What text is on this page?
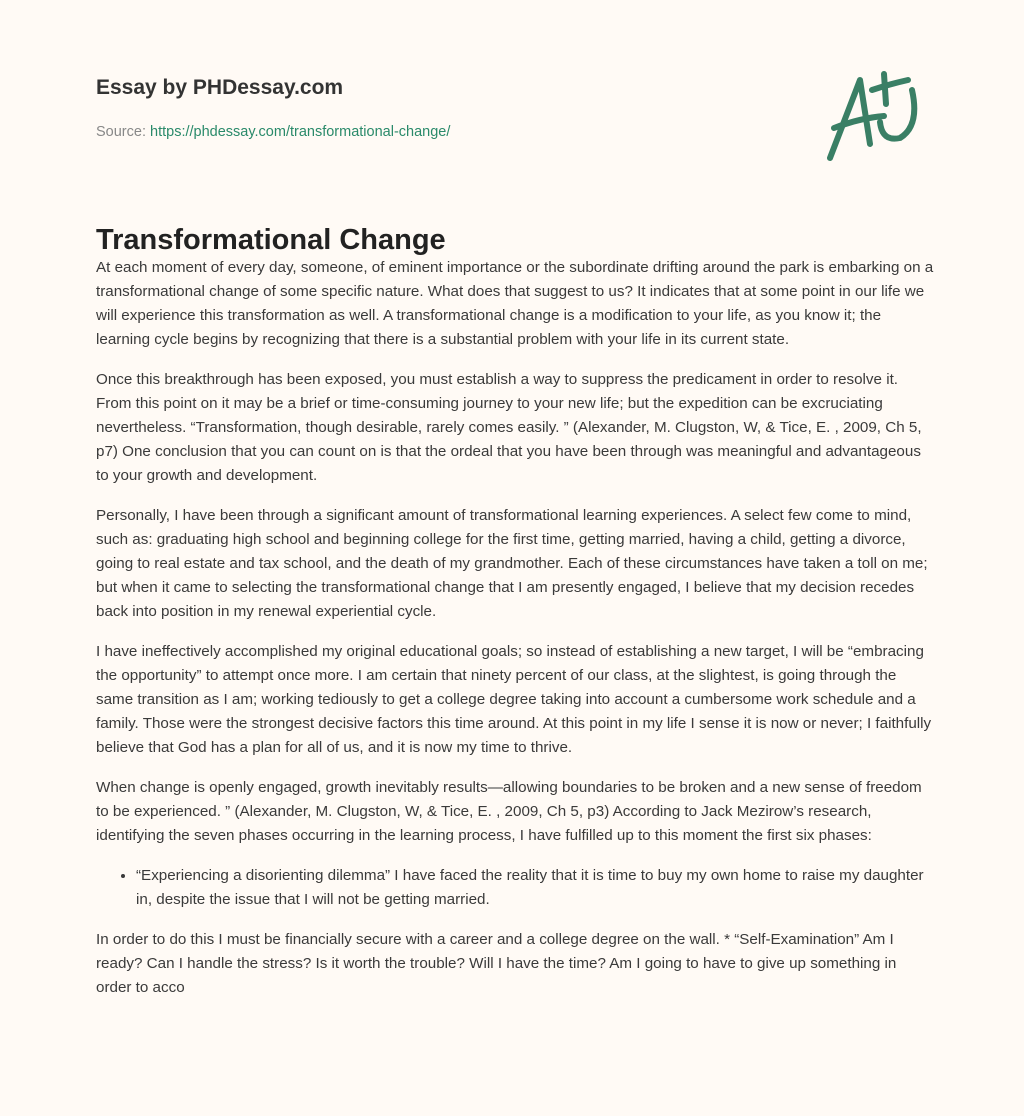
Essay by PHDessay.com
Source: https://phdessay.com/transformational-change/
Transformational Change

At each moment of every day, someone, of eminent importance or the subordinate drifting around the park is embarking on a transformational change of some specific nature. What does that suggest to us? It indicates that at some point in our life we will experience this transformation as well. A transformational change is a modification to your life, as you know it; the learning cycle begins by recognizing that there is a substantial problem with your life in its current state.

Once this breakthrough has been exposed, you must establish a way to suppress the predicament in order to resolve it. From this point on it may be a brief or time-consuming journey to your new life; but the expedition can be excruciating nevertheless. “Transformation, though desirable, rarely comes easily. ” (Alexander, M. Clugston, W, & Tice, E. , 2009, Ch 5, p7) One conclusion that you can count on is that the ordeal that you have been through was meaningful and advantageous to your growth and development.

Personally, I have been through a significant amount of transformational learning experiences. A select few come to mind, such as: graduating high school and beginning college for the first time, getting married, having a child, getting a divorce, going to real estate and tax school, and the death of my grandmother. Each of these circumstances have taken a toll on me; but when it came to selecting the transformational change that I am presently engaged, I believe that my decision recedes back into position in my renewal experiential cycle.

I have ineffectively accomplished my original educational goals; so instead of establishing a new target, I will be “embracing the opportunity” to attempt once more. I am certain that ninety percent of our class, at the slightest, is going through the same transition as I am; working tediously to get a college degree taking into account a cumbersome work schedule and a family. Those were the strongest decisive factors this time around. At this point in my life I sense it is now or never; I faithfully believe that God has a plan for all of us, and it is now my time to thrive.

When change is openly engaged, growth inevitably results—allowing boundaries to be broken and a new sense of freedom to be experienced. ” (Alexander, M. Clugston, W, & Tice, E. , 2009, Ch 5, p3) According to Jack Mezirow’s research, identifying the seven phases occurring in the learning process, I have fulfilled up to this moment the first six phases:

• “Experiencing a disorienting dilemma” I have faced the reality that it is time to buy my own home to raise my daughter in, despite the issue that I will not be getting married.

In order to do this I must be financially secure with a career and a college degree on the wall. * “Self-Examination” Am I ready? Can I handle the stress? Is it worth the trouble? Will I have the time? Am I going to have to give up something in order to acco
